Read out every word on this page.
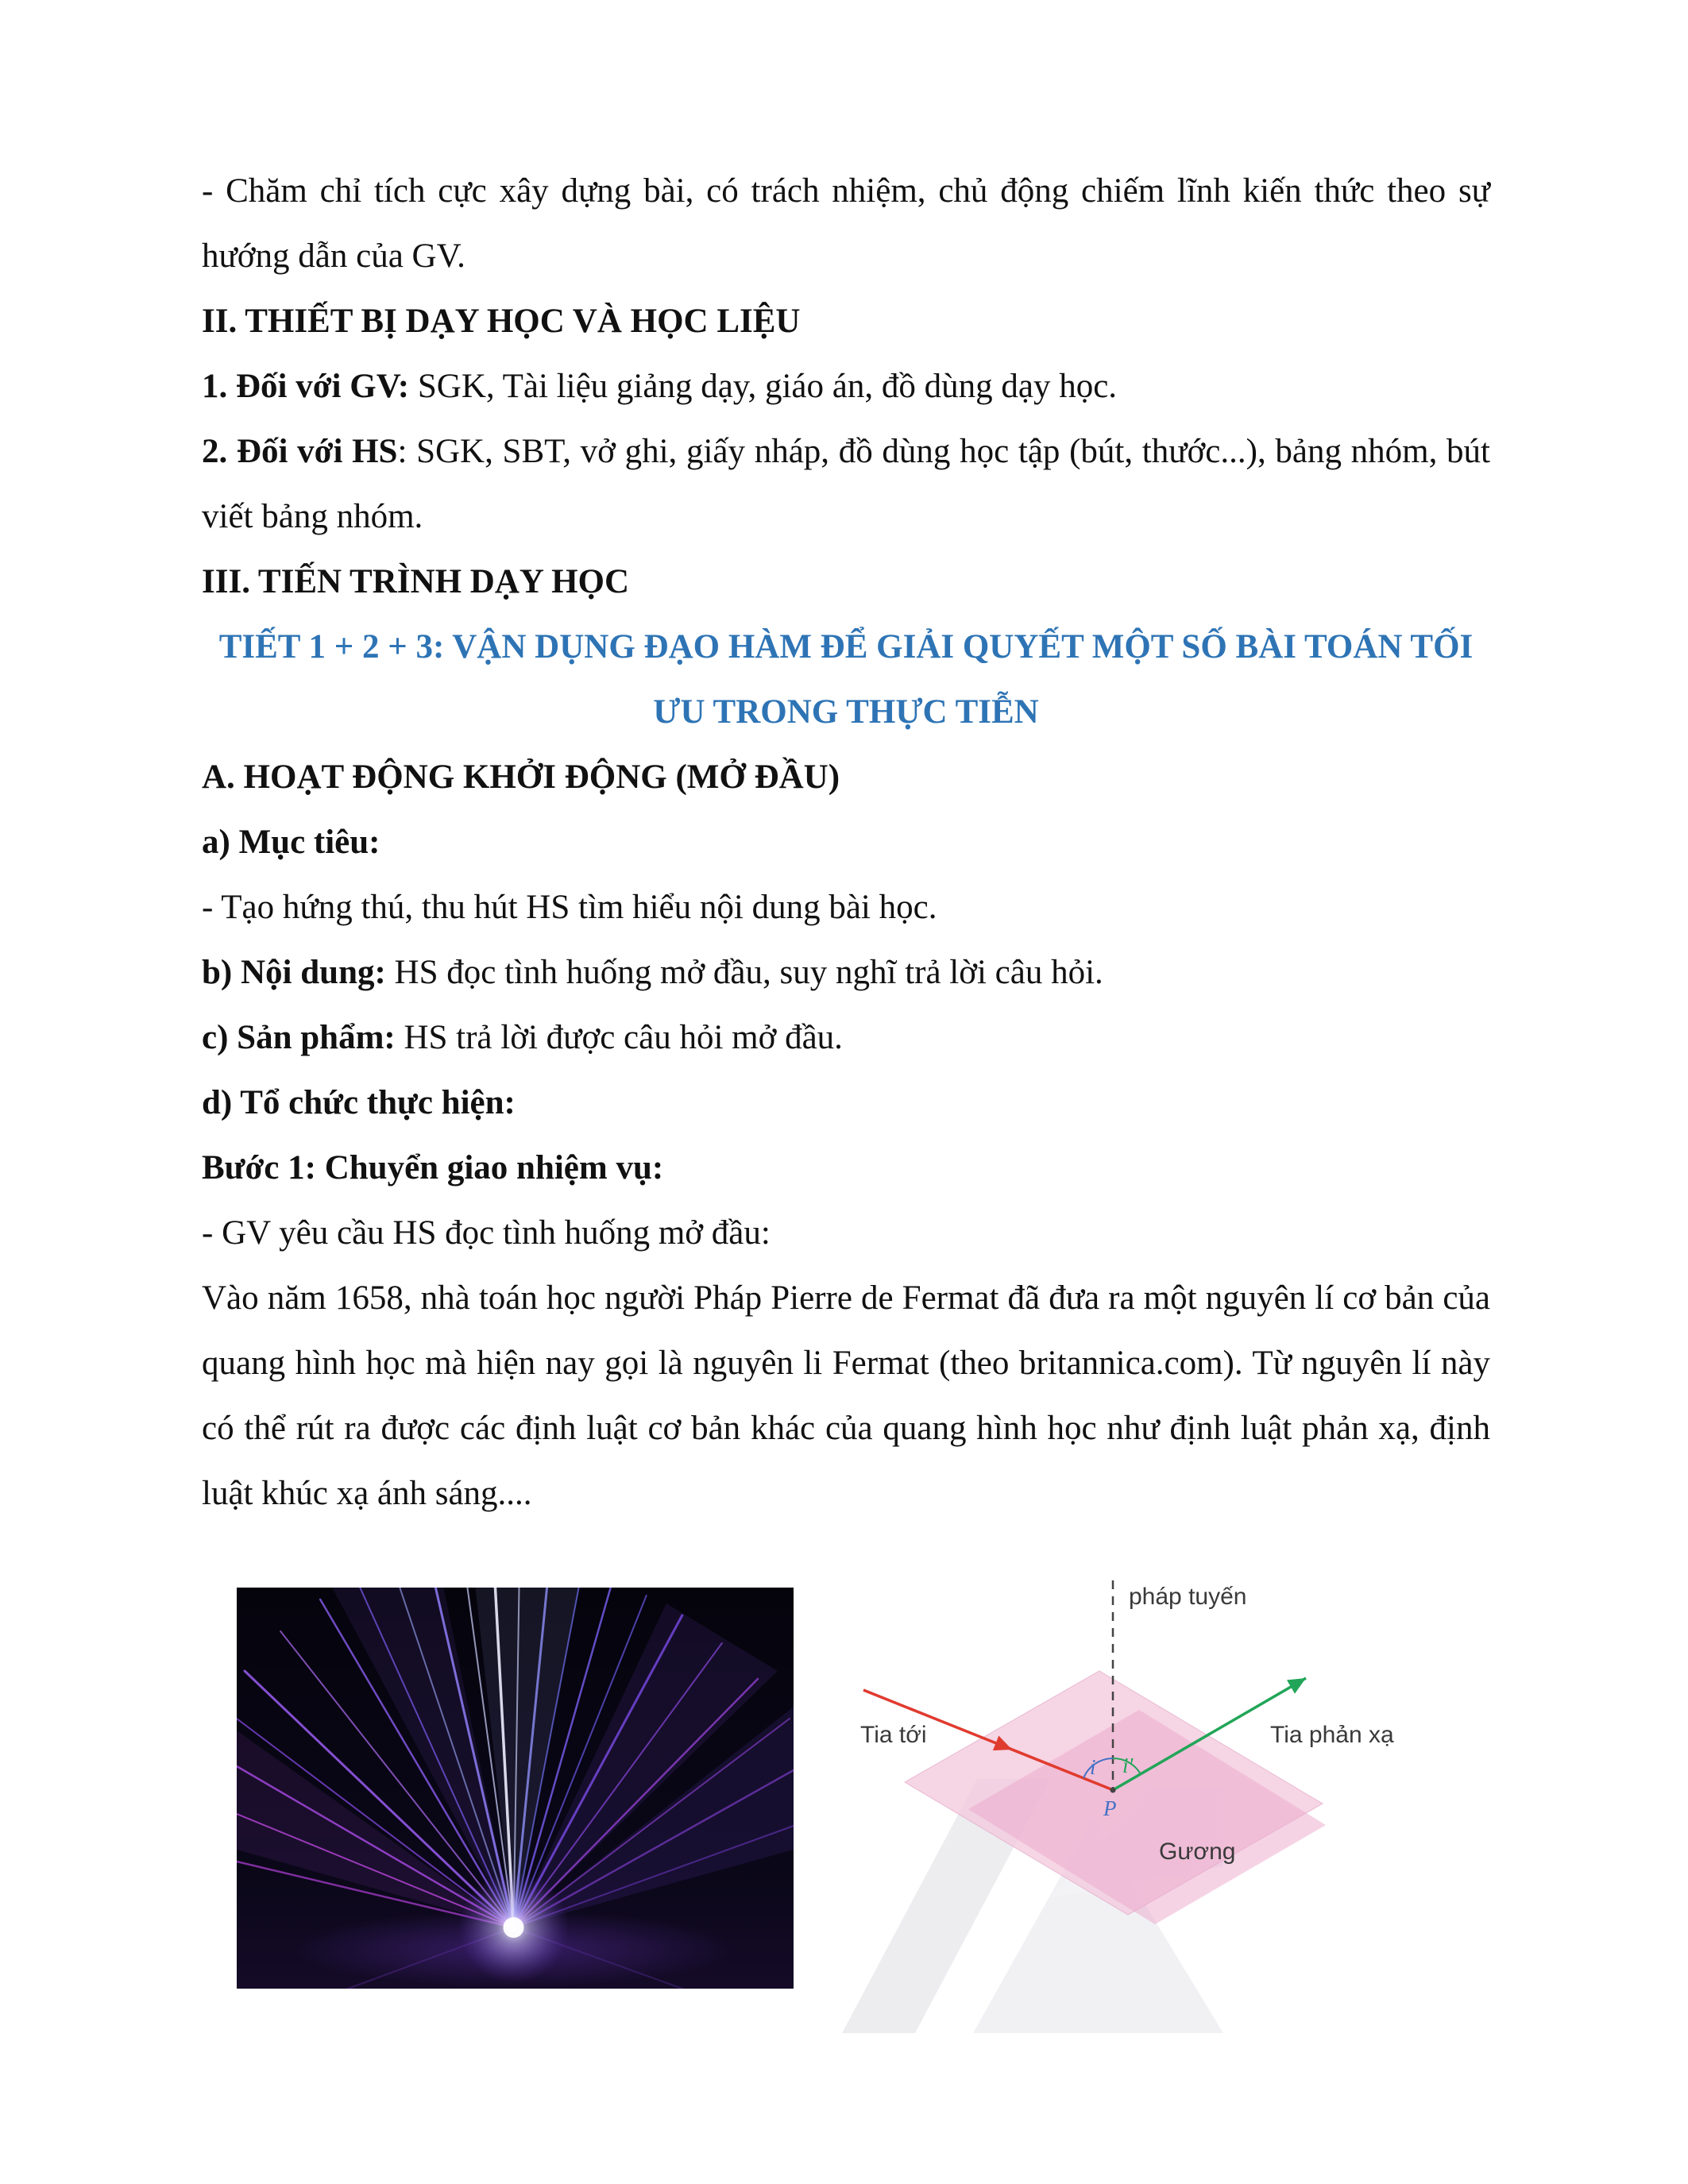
- Chăm chỉ tích cực xây dựng bài, có trách nhiệm, chủ động chiếm lĩnh kiến thức theo sự hướng dẫn của GV.

II. THIẾT BỊ DẠY HỌC VÀ HỌC LIỆU

1. Đối với GV: SGK, Tài liệu giảng dạy, giáo án, đồ dùng dạy học.

2. Đối với HS: SGK, SBT, vở ghi, giấy nháp, đồ dùng học tập (bút, thước...), bảng nhóm, bút viết bảng nhóm.

III. TIẾN TRÌNH DẠY HỌC

TIẾT 1 + 2 + 3: VẬN DỤNG ĐẠO HÀM ĐỂ GIẢI QUYẾT MỘT SỐ BÀI TOÁN TỐI ƯU TRONG THỰC TIỄN

A. HOẠT ĐỘNG KHỞI ĐỘNG (MỞ ĐẦU)

a) Mục tiêu:

- Tạo hứng thú, thu hút HS tìm hiểu nội dung bài học.

b) Nội dung: HS đọc tình huống mở đầu, suy nghĩ trả lời câu hỏi.

c) Sản phẩm: HS trả lời được câu hỏi mở đầu.

d) Tổ chức thực hiện:

Bước 1: Chuyển giao nhiệm vụ:

- GV yêu cầu HS đọc tình huống mở đầu:

Vào năm 1658, nhà toán học người Pháp Pierre de Fermat đã đưa ra một nguyên lí cơ bản của quang hình học mà hiện nay gọi là nguyên li Fermat (theo britannica.com). Từ nguyên lí này có thể rút ra được các định luật cơ bản khác của quang hình học như định luật phản xạ, định luật khúc xạ ánh sáng....

pháp tuyến
Tia tới	Tia phản xạ
Gương
i i'
P
